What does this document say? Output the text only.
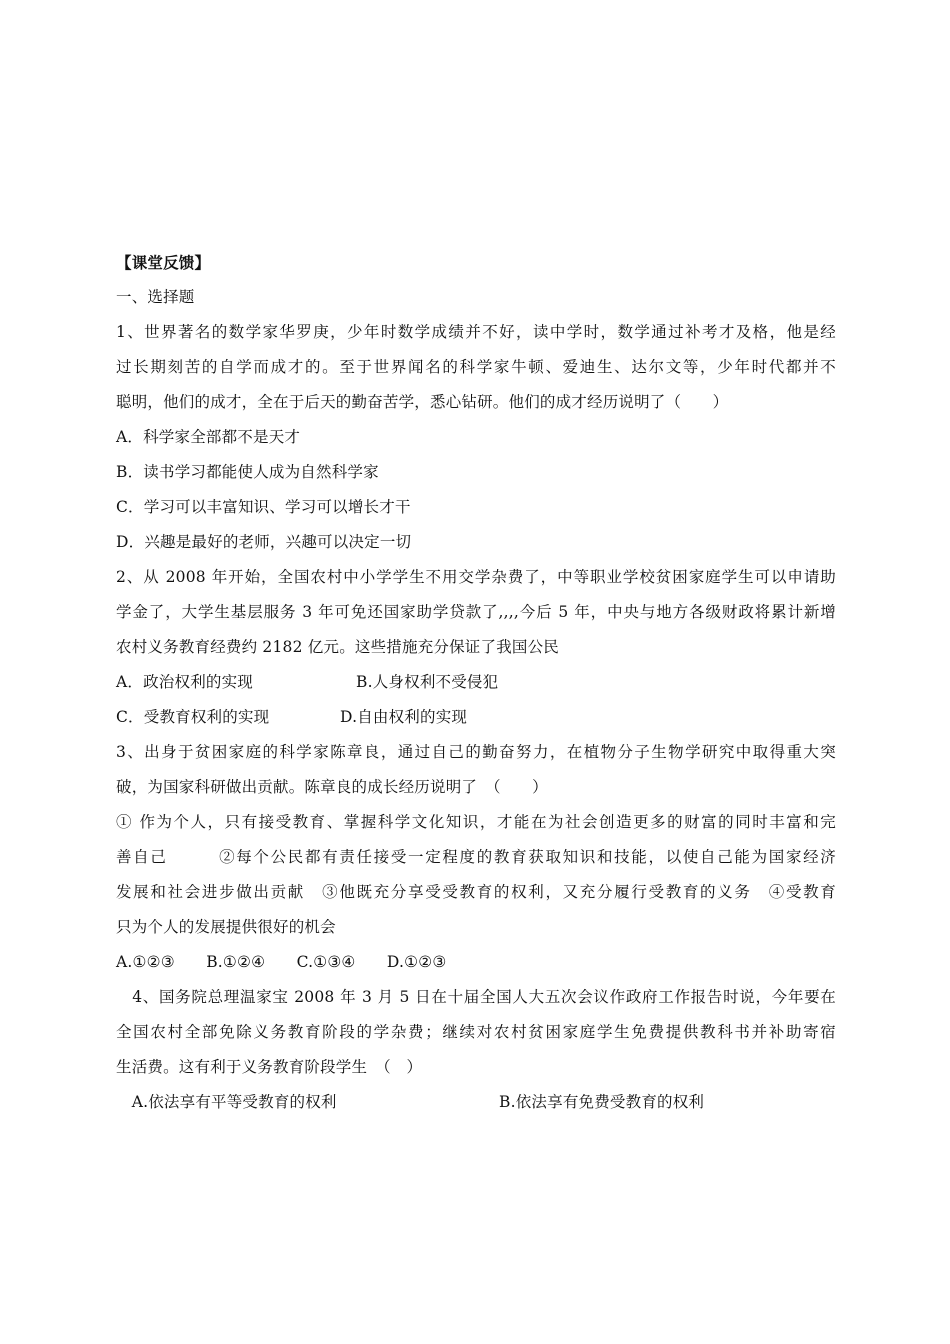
【课堂反馈】
一、选择题
1、世界著名的数学家华罗庚，少年时数学成绩并不好，读中学时，数学通过补考才及格，他是经
过长期刻苦的自学而成才的。至于世界闻名的科学家牛顿、爱迪生、达尔文等，少年时代都并不
聪明，他们的成才，全在于后天的勤奋苦学，悉心钻研。他们的成才经历说明了（　　）
A．科学家全部都不是天才
B．读书学习都能使人成为自然科学家
C．学习可以丰富知识、学习可以增长才干
D．兴趣是最好的老师，兴趣可以决定一切
2、从 2008 年开始，全国农村中小学学生不用交学杂费了，中等职业学校贫困家庭学生可以申请助
学金了，大学生基层服务 3 年可免还国家助学贷款了,,,,今后 5 年，中央与地方各级财政将累计新增
农村义务教育经费约 2182 亿元。这些措施充分保证了我国公民
A．政治权利的实现	B.人身权利不受侵犯
C．受教育权利的实现	D.自由权利的实现
3、出身于贫困家庭的科学家陈章良，通过自己的勤奋努力，在植物分子生物学研究中取得重大突
破，为国家科研做出贡献。陈章良的成长经历说明了　（　　）
① 作为个人，只有接受教育、掌握科学文化知识，才能在为社会创造更多的财富的同时丰富和完
善自己　　　②每个公民都有责任接受一定程度的教育获取知识和技能，以使自己能为国家经济
发展和社会进步做出贡献　③他既充分享受受教育的权利，又充分履行受教育的义务　④受教育
只为个人的发展提供很好的机会
A.①②③　　B.①②④　　C.①③④　　D.①②③
　4、国务院总理温家宝 2008 年 3 月 5 日在十届全国人大五次会议作政府工作报告时说，今年要在
全国农村全部免除义务教育阶段的学杂费；继续对农村贫困家庭学生免费提供教科书并补助寄宿
生活费。这有利于义务教育阶段学生　（　）
　A.依法享有平等受教育的权利	B.依法享有免费受教育的权利
